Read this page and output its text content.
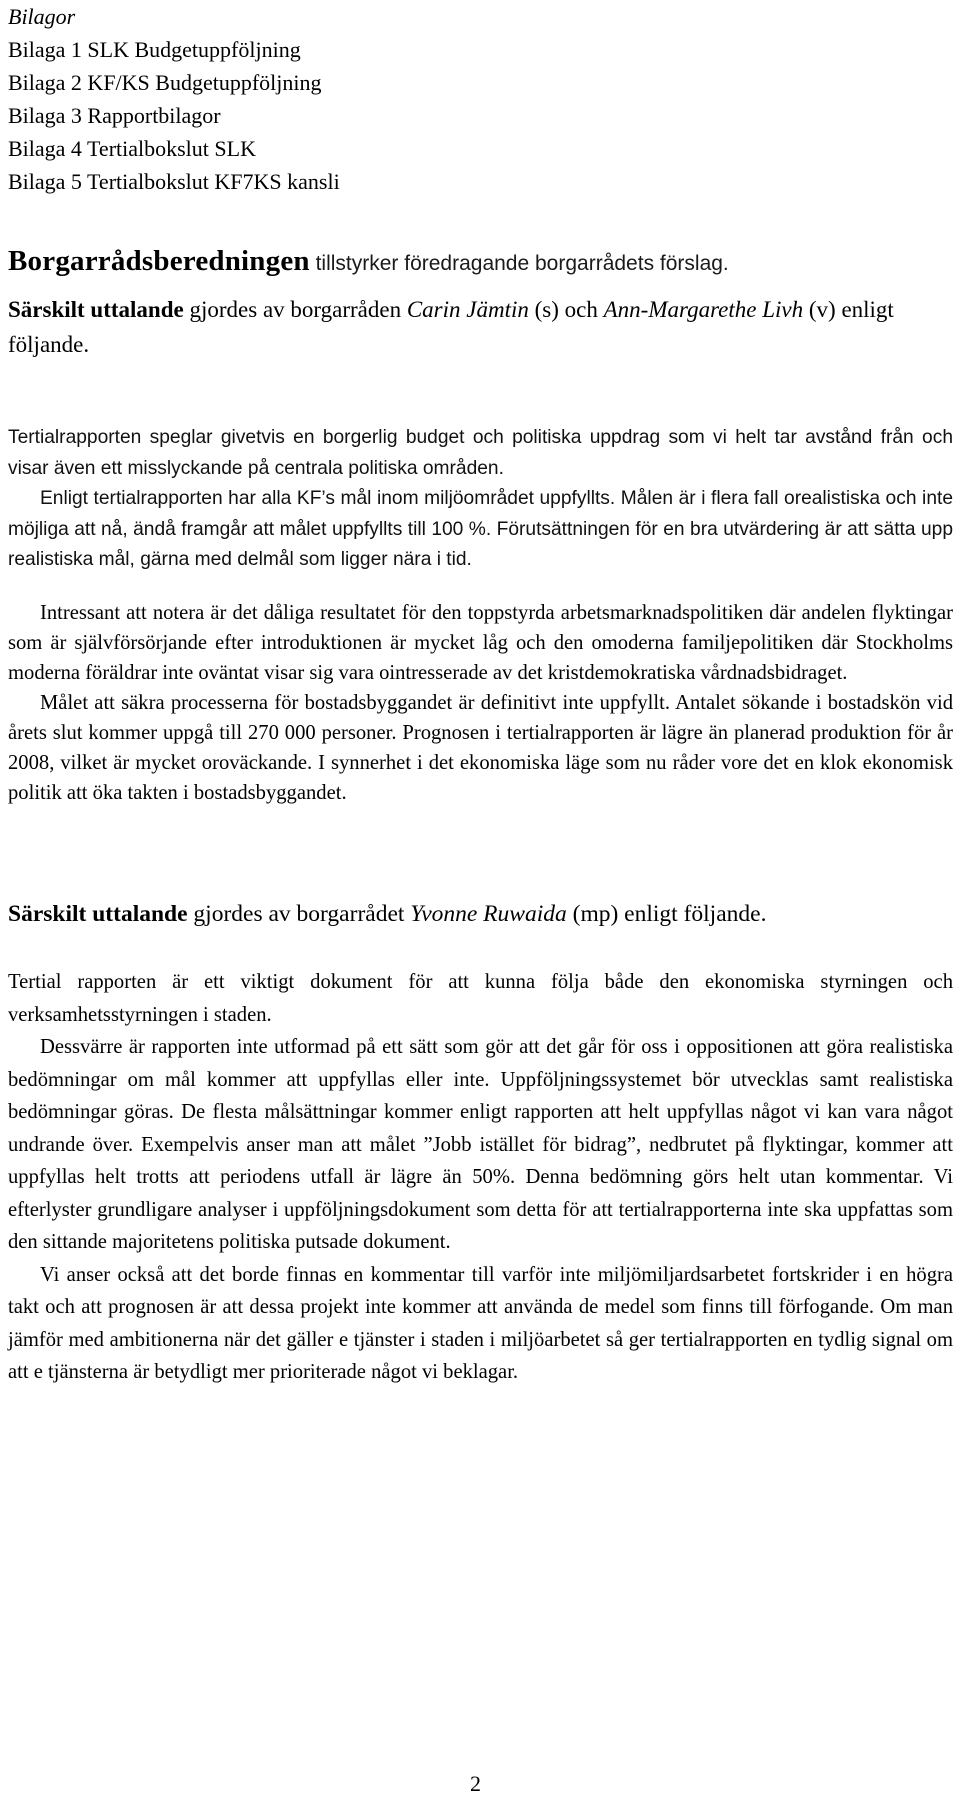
Bilagor
Bilaga 1 SLK Budgetuppföljning
Bilaga 2 KF/KS Budgetuppföljning
Bilaga 3 Rapportbilagor
Bilaga 4 Tertialbokslut SLK
Bilaga 5 Tertialbokslut KF7KS kansli
Borgarrådsberedningen tillstyrker föredragande borgarrådets förslag.
Särskilt uttalande gjordes av borgarråden Carin Jämtin (s) och Ann-Margarethe Livh (v) enligt följande.

Tertialrapporten speglar givetvis en borgerlig budget och politiska uppdrag som vi helt tar avstånd från och visar även ett misslyckande på centrala politiska områden.

Enligt tertialrapporten har alla KF’s mål inom miljöområdet uppfyllts. Målen är i flera fall orealistiska och inte möjliga att nå, ändå framgår att målet uppfyllts till 100 %. Förutsättningen för en bra utvärdering är att sätta upp realistiska mål, gärna med delmål som ligger nära i tid.

Intressant att notera är det dåliga resultatet för den toppstyrda arbetsmarknadspolitiken där andelen flyktingar som är självförsörjande efter introduktionen är mycket låg och den omoderna familjepolitiken där Stockholms moderna föräldrar inte oväntat visar sig vara ointresserade av det kristdemokratiska vårdnadsbidraget.

Målet att säkra processerna för bostadsbyggandet är definitivt inte uppfyllt. Antalet sökande i bostadskön vid årets slut kommer uppgå till 270 000 personer. Prognosen i tertialrapporten är lägre än planerad produktion för år 2008, vilket är mycket oroväckande. I synnerhet i det ekonomiska läge som nu råder vore det en klok ekonomisk politik att öka takten i bostadsbyggandet.

Särskilt uttalande gjordes av borgarrådet Yvonne Ruwaida (mp) enligt följande.

Tertial rapporten är ett viktigt dokument för att kunna följa både den ekonomiska styrningen och verksamhetsstyrningen i staden.

Dessvärre är rapporten inte utformad på ett sätt som gör att det går för oss i oppositionen att göra realistiska bedömningar om mål kommer att uppfyllas eller inte. Uppföljningssystemet bör utvecklas samt realistiska bedömningar göras. De flesta målsättningar kommer enligt rapporten att helt uppfyllas något vi kan vara något undrande över. Exempelvis anser man att målet ”Jobb istället för bidrag”, nedbrutet på flyktingar, kommer att uppfyllas helt trotts att periodens utfall är lägre än 50%. Denna bedömning görs helt utan kommentar. Vi efterlyster grundligare analyser i uppföljningsdokument som detta för att tertialrapporterna inte ska uppfattas som den sittande majoritetens politiska putsade dokument.

Vi anser också att det borde finnas en kommentar till varför inte miljömiljardsarbetet fortskrider i en högra takt och att prognosen är att dessa projekt inte kommer att använda de medel som finns till förfogande. Om man jämför med ambitionerna när det gäller e tjänster i staden i miljöarbetet så ger tertialrapporten en tydlig signal om att e tjänsterna är betydligt mer prioriterade något vi beklagar.

2
